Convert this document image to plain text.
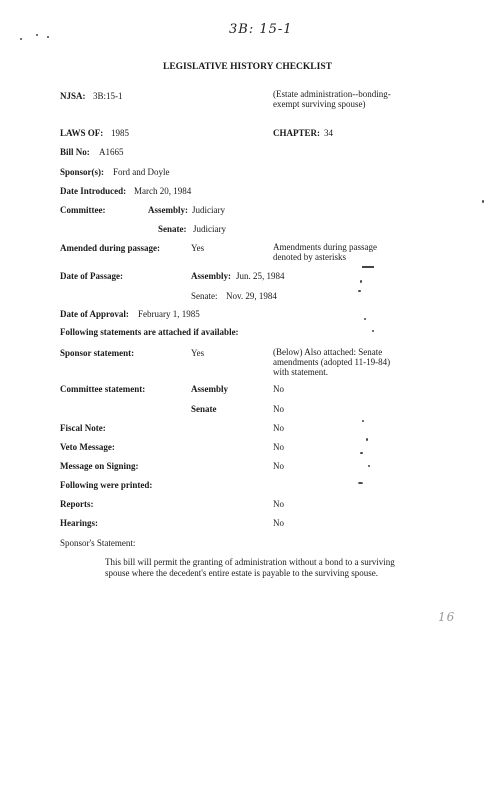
3B: 15-1
LEGISLATIVE HISTORY CHECKLIST
NJSA: 3B:15-1	(Estate administration--bonding-exempt surviving spouse)
LAWS OF: 1985	CHAPTER: 34
Bill No: A1665
Sponsor(s): Ford and Doyle
Date Introduced: March 20, 1984
Committee:	Assembly: Judiciary
Senate: Judiciary
Amended during passage:	Yes	Amendments during passage denoted by asterisks
Date of Passage:	Assembly: Jun. 25, 1984
Senate: Nov. 29, 1984
Date of Approval: February 1, 1985
Following statements are attached if available:
Sponsor statement:	Yes	(Below) Also attached: Senate amendments (adopted 11-19-84) with statement.
Committee statement:	Assembly	No
Senate	No
Fiscal Note:	No
Veto Message:	No
Message on Signing:	No
Following were printed:
Reports:	No
Hearings:	No
Sponsor's Statement:
This bill will permit the granting of administration without a bond to a surviving spouse where the decedent's entire estate is payable to the surviving spouse.
16
